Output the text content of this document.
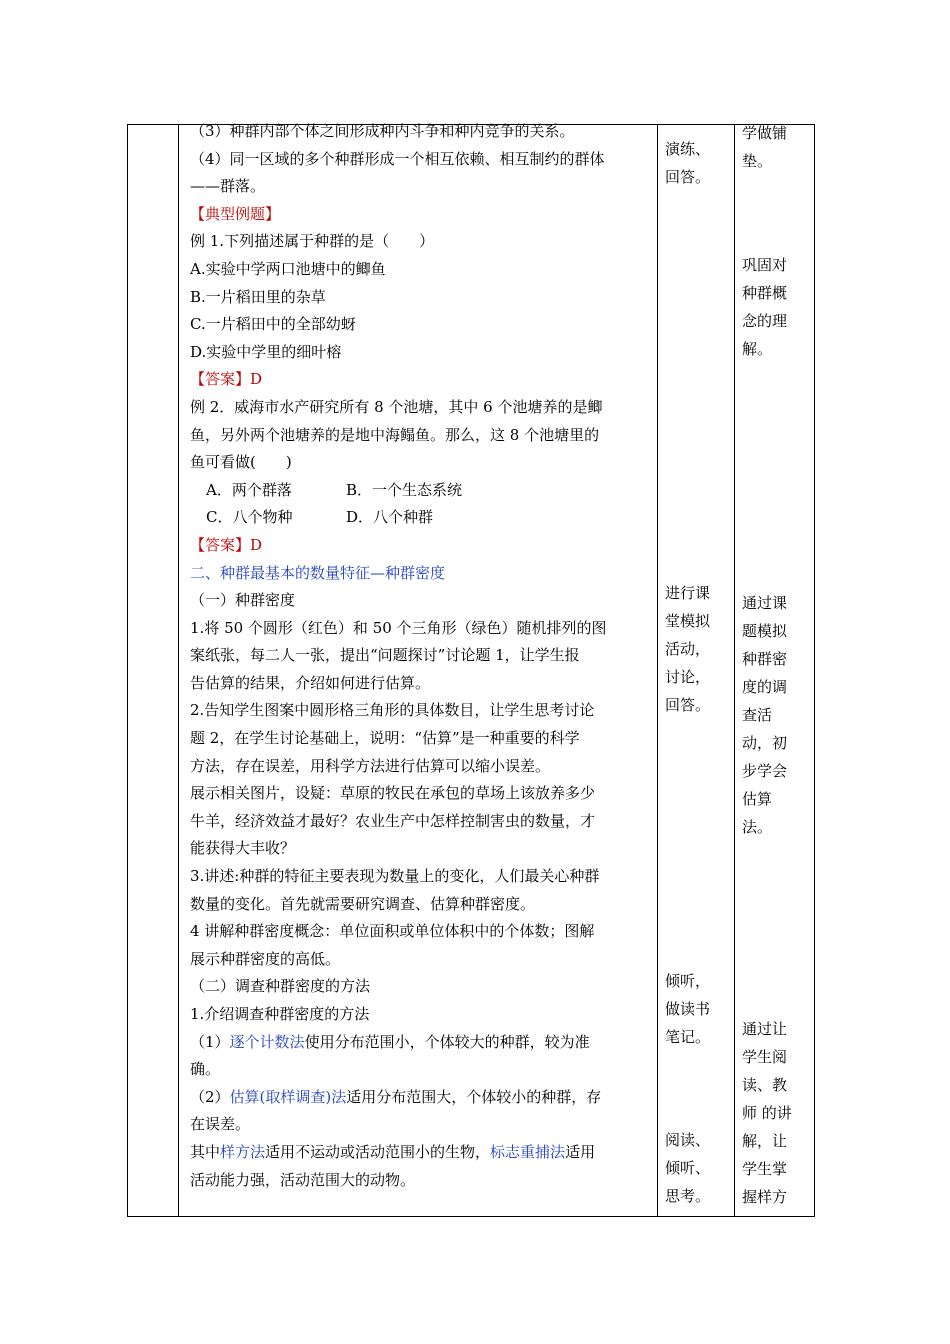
（3）种群内部个体之间形成种内斗争和种内竞争的关系。
（4）同一区域的多个种群形成一个相互依赖、相互制约的群体
——群落。
【典型例题】
例 1.下列描述属于种群的是（　　）
A.实验中学两口池塘中的鲫鱼
B.一片稻田里的杂草
C.一片稻田中的全部幼蚜
D.实验中学里的细叶榕
【答案】D
例 2．威海市水产研究所有 8 个池塘，其中 6 个池塘养的是鲫
鱼，另外两个池塘养的是地中海鳎鱼。那么，这 8 个池塘里的
鱼可看做(　　)
A．两个群落	B．一个生态系统
C．八个物种	D．八个种群
【答案】D
二、种群最基本的数量特征—种群密度
（一）种群密度
1.将 50 个圆形（红色）和 50 个三角形（绿色）随机排列的图
案纸张，每二人一张，提出“问题探讨”讨论题 1，让学生报
告估算的结果，介绍如何进行估算。
2.告知学生图案中圆形格三角形的具体数目，让学生思考讨论
题 2，在学生讨论基础上，说明：“估算”是一种重要的科学
方法，存在误差，用科学方法进行估算可以缩小误差。
展示相关图片，设疑：草原的牧民在承包的草场上该放养多少
牛羊，经济效益才最好？农业生产中怎样控制害虫的数量，才
能获得大丰收？
3.讲述:种群的特征主要表现为数量上的变化，人们最关心种群
数量的变化。首先就需要研究调查、估算种群密度。
4 讲解种群密度概念：单位面积或单位体积中的个体数；图解
展示种群密度的高低。
（二）调查种群密度的方法
1.介绍调查种群密度的方法
（1）逐个计数法使用分布范围小，个体较大的种群，较为准
确。
（2）估算(取样调查)法适用分布范围大，个体较小的种群，存
在误差。
其中样方法适用不运动或活动范围小的生物，标志重捕法适用
活动能力强，活动范围大的动物。
演练、
回答。
进行课
堂模拟
活动，
讨论，
回答。
倾听，
做读书
笔记。
阅读、
倾听、
思考。
学做铺
垫。
巩固对
种群概
念的理
解。
通过课
题模拟
种群密
度的调
查活
动，初
步学会
估算
法。
通过让
学生阅
读、教
师 的讲
解，让
学生掌
握样方
